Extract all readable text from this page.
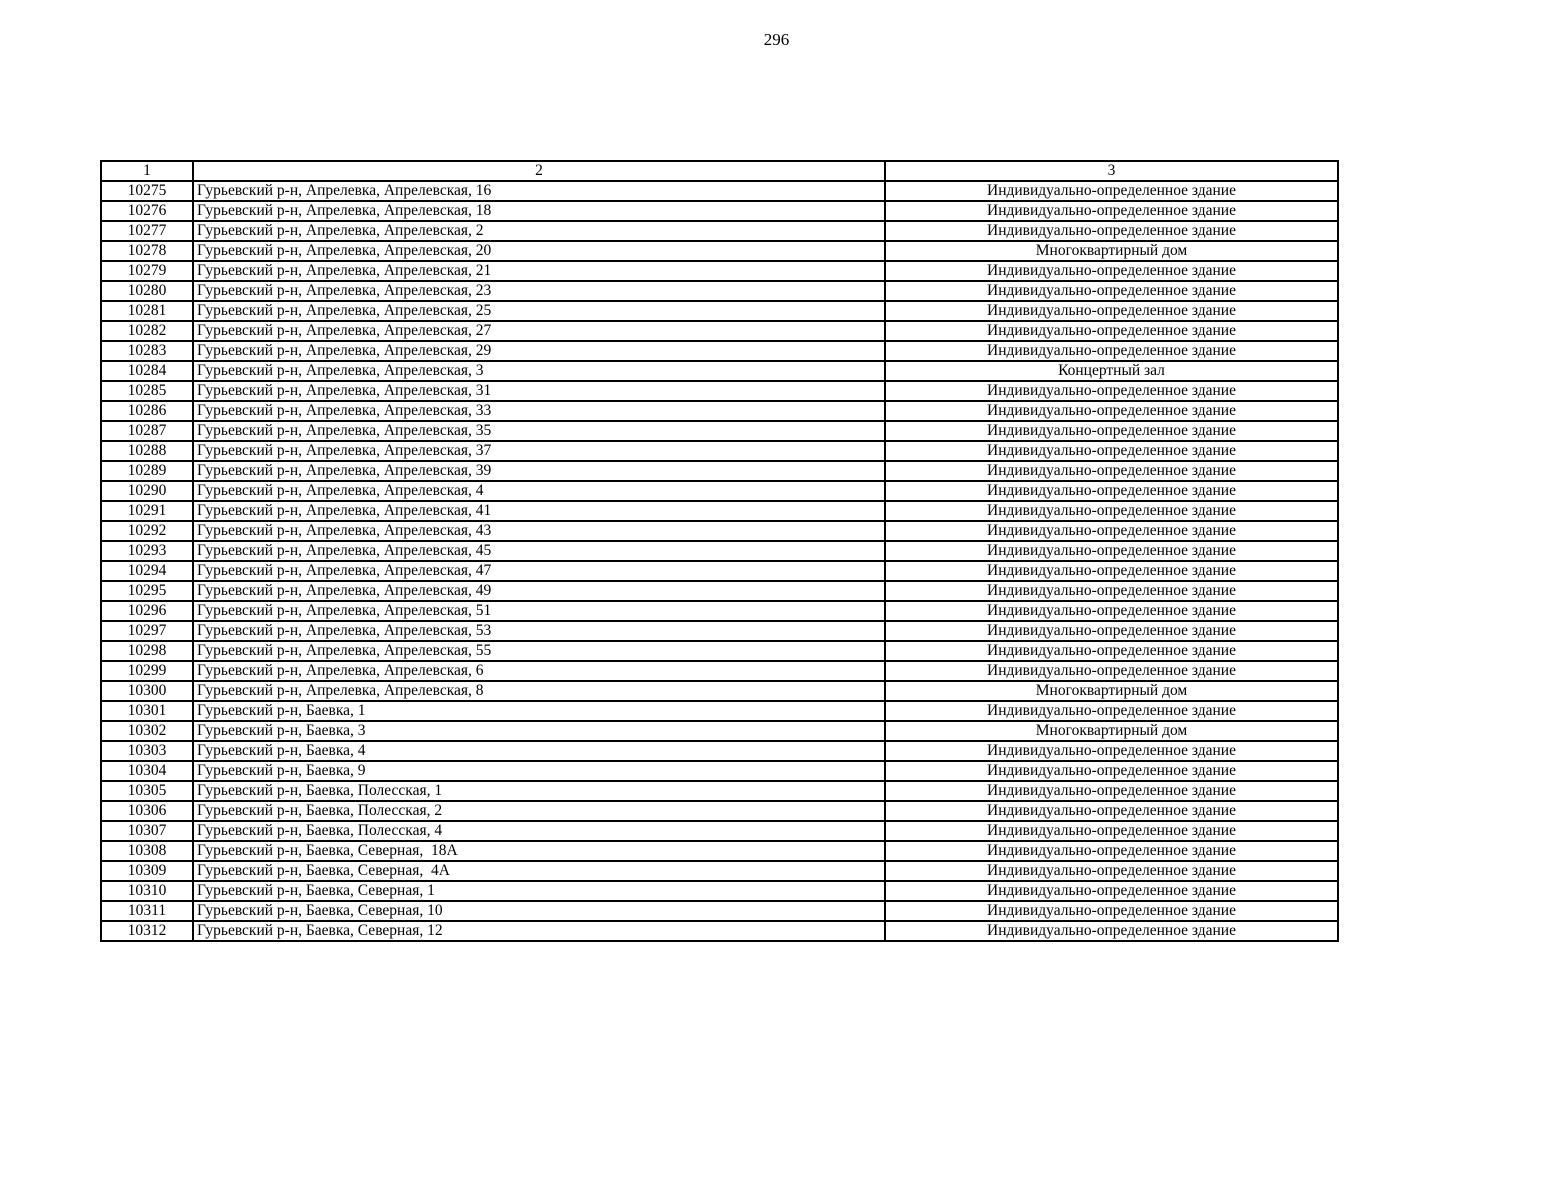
296
1	2	3
10275	Гурьевский р-н, Апрелевка, Апрелевская, 16	Индивидуально-определенное здание
10276	Гурьевский р-н, Апрелевка, Апрелевская, 18	Индивидуально-определенное здание
10277	Гурьевский р-н, Апрелевка, Апрелевская, 2	Индивидуально-определенное здание
10278	Гурьевский р-н, Апрелевка, Апрелевская, 20	Многоквартирный дом
10279	Гурьевский р-н, Апрелевка, Апрелевская, 21	Индивидуально-определенное здание
10280	Гурьевский р-н, Апрелевка, Апрелевская, 23	Индивидуально-определенное здание
10281	Гурьевский р-н, Апрелевка, Апрелевская, 25	Индивидуально-определенное здание
10282	Гурьевский р-н, Апрелевка, Апрелевская, 27	Индивидуально-определенное здание
10283	Гурьевский р-н, Апрелевка, Апрелевская, 29	Индивидуально-определенное здание
10284	Гурьевский р-н, Апрелевка, Апрелевская, 3	Концертный зал
10285	Гурьевский р-н, Апрелевка, Апрелевская, 31	Индивидуально-определенное здание
10286	Гурьевский р-н, Апрелевка, Апрелевская, 33	Индивидуально-определенное здание
10287	Гурьевский р-н, Апрелевка, Апрелевская, 35	Индивидуально-определенное здание
10288	Гурьевский р-н, Апрелевка, Апрелевская, 37	Индивидуально-определенное здание
10289	Гурьевский р-н, Апрелевка, Апрелевская, 39	Индивидуально-определенное здание
10290	Гурьевский р-н, Апрелевка, Апрелевская, 4	Индивидуально-определенное здание
10291	Гурьевский р-н, Апрелевка, Апрелевская, 41	Индивидуально-определенное здание
10292	Гурьевский р-н, Апрелевка, Апрелевская, 43	Индивидуально-определенное здание
10293	Гурьевский р-н, Апрелевка, Апрелевская, 45	Индивидуально-определенное здание
10294	Гурьевский р-н, Апрелевка, Апрелевская, 47	Индивидуально-определенное здание
10295	Гурьевский р-н, Апрелевка, Апрелевская, 49	Индивидуально-определенное здание
10296	Гурьевский р-н, Апрелевка, Апрелевская, 51	Индивидуально-определенное здание
10297	Гурьевский р-н, Апрелевка, Апрелевская, 53	Индивидуально-определенное здание
10298	Гурьевский р-н, Апрелевка, Апрелевская, 55	Индивидуально-определенное здание
10299	Гурьевский р-н, Апрелевка, Апрелевская, 6	Индивидуально-определенное здание
10300	Гурьевский р-н, Апрелевка, Апрелевская, 8	Многоквартирный дом
10301	Гурьевский р-н, Баевка, 1	Индивидуально-определенное здание
10302	Гурьевский р-н, Баевка, 3	Многоквартирный дом
10303	Гурьевский р-н, Баевка, 4	Индивидуально-определенное здание
10304	Гурьевский р-н, Баевка, 9	Индивидуально-определенное здание
10305	Гурьевский р-н, Баевка, Полесская, 1	Индивидуально-определенное здание
10306	Гурьевский р-н, Баевка, Полесская, 2	Индивидуально-определенное здание
10307	Гурьевский р-н, Баевка, Полесская, 4	Индивидуально-определенное здание
10308	Гурьевский р-н, Баевка, Северная,  18А	Индивидуально-определенное здание
10309	Гурьевский р-н, Баевка, Северная,  4А	Индивидуально-определенное здание
10310	Гурьевский р-н, Баевка, Северная, 1	Индивидуально-определенное здание
10311	Гурьевский р-н, Баевка, Северная, 10	Индивидуально-определенное здание
10312	Гурьевский р-н, Баевка, Северная, 12	Индивидуально-определенное здание
